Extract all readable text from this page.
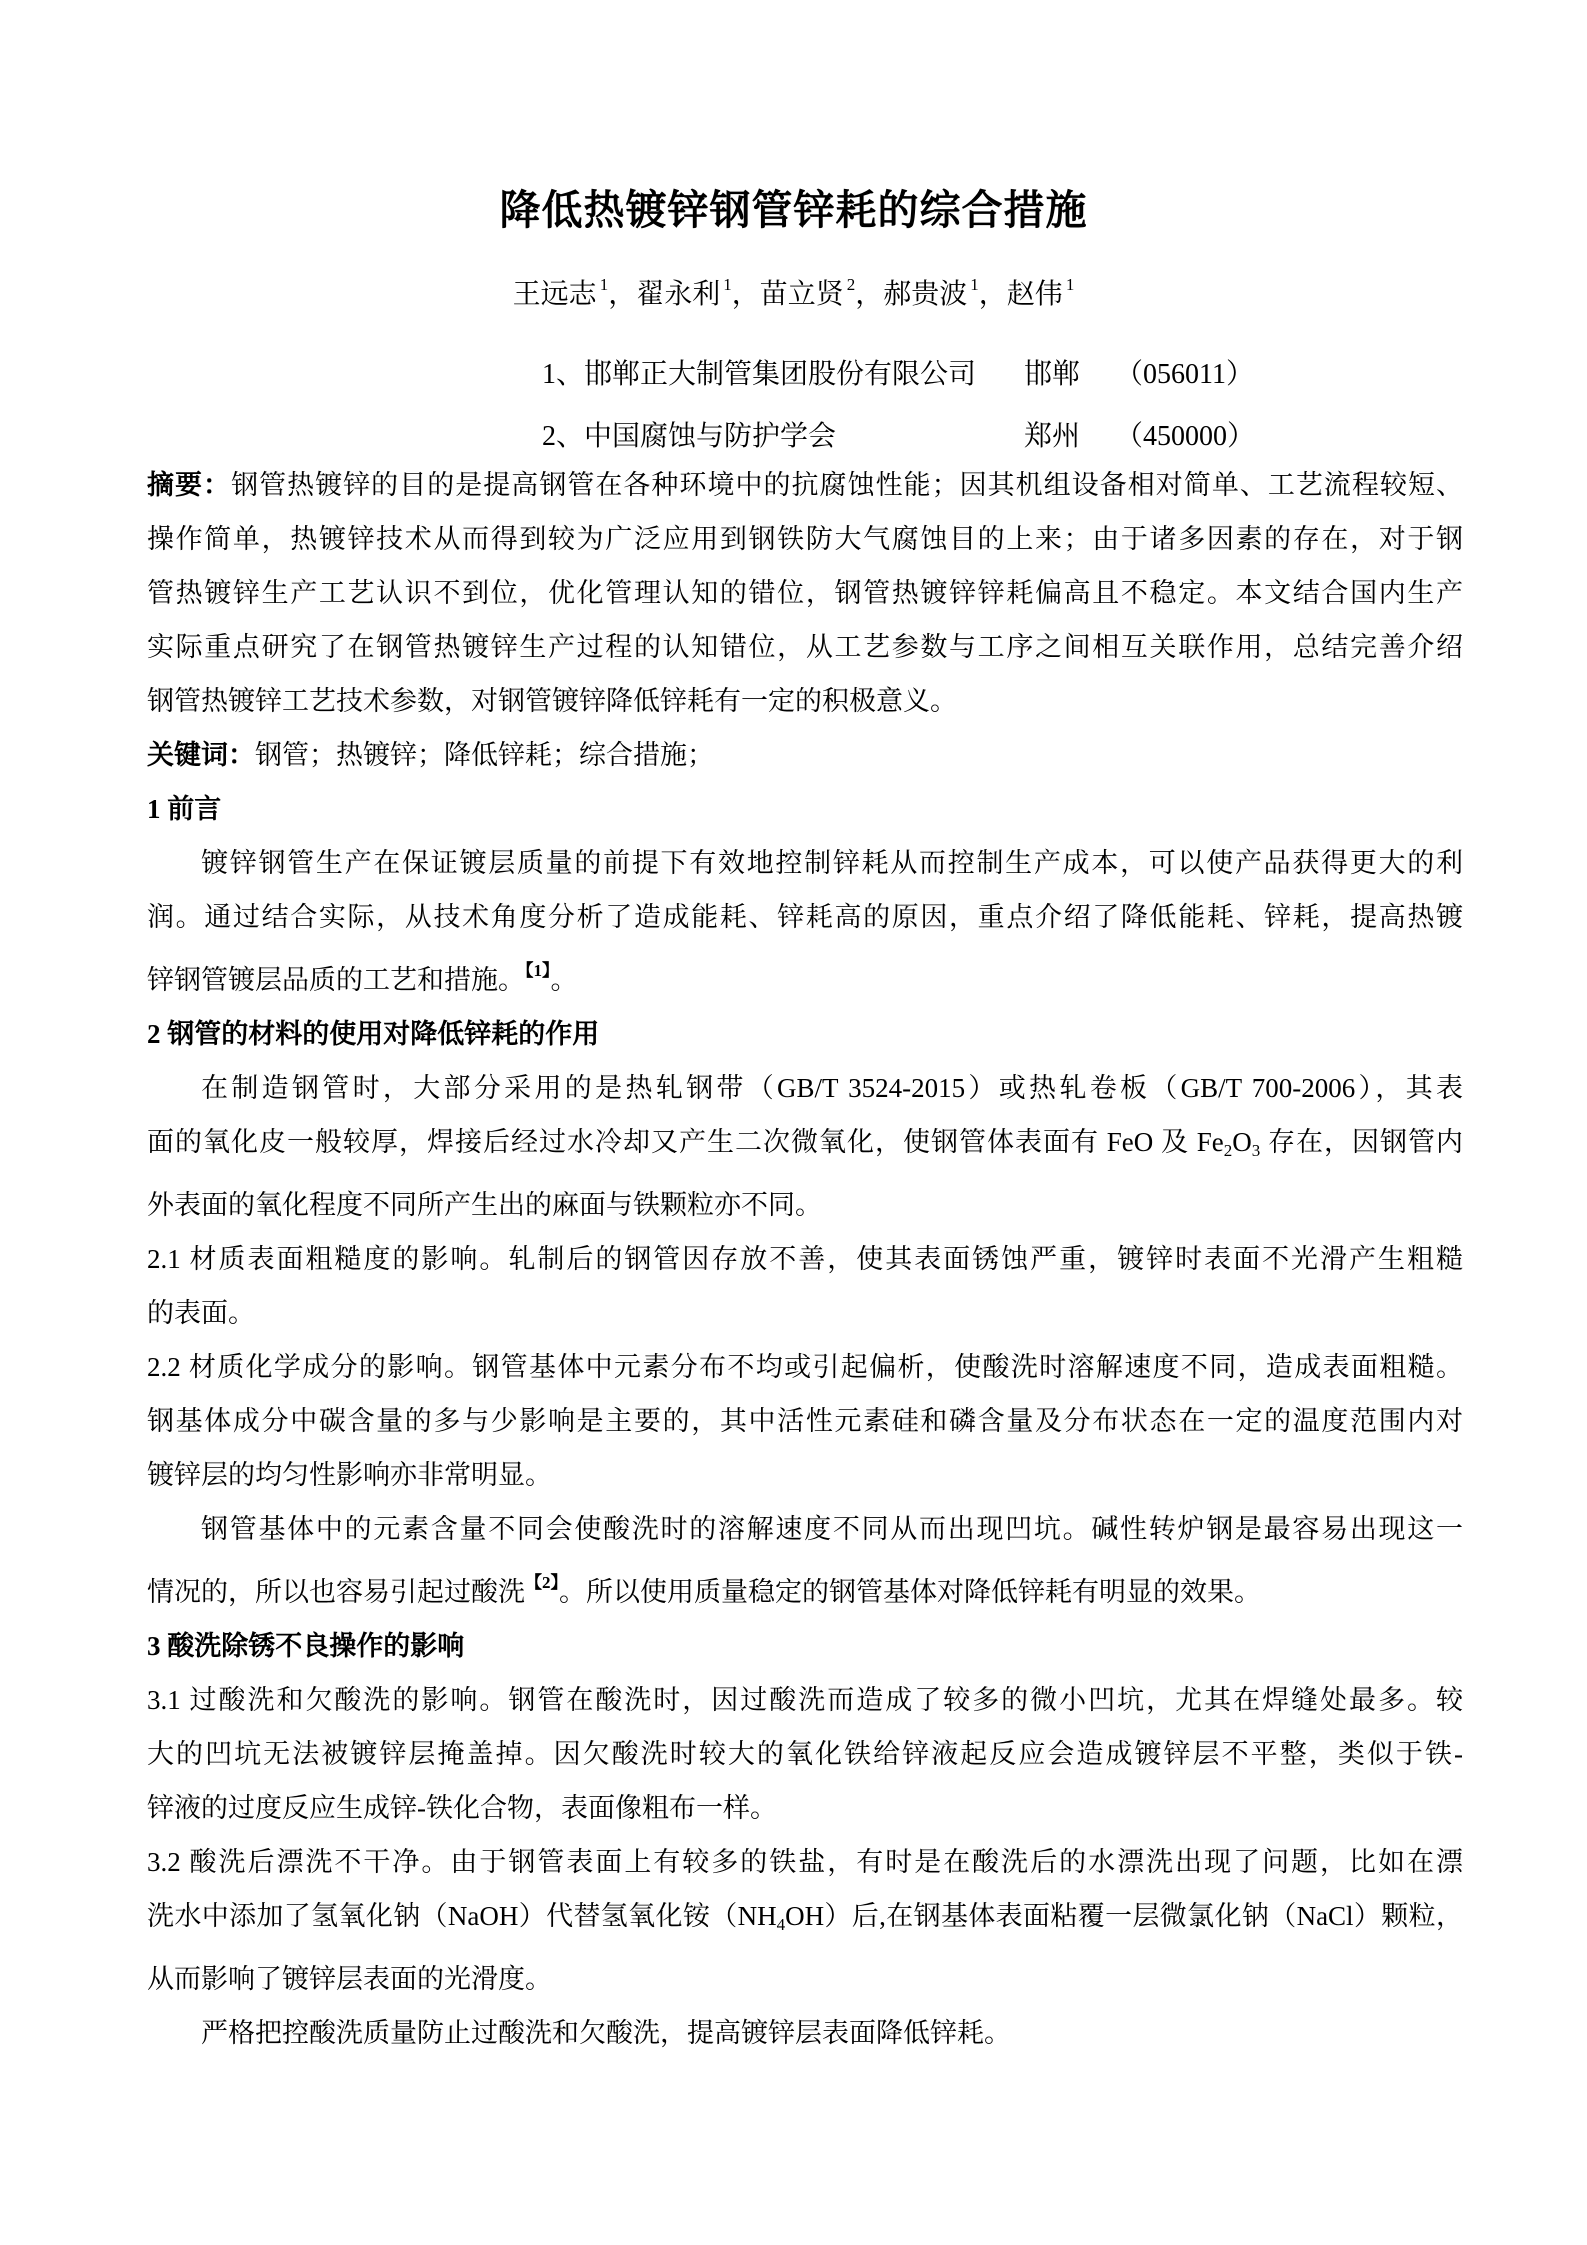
降低热镀锌钢管锌耗的综合措施
王远志 $^1$，翟永利 $^1$，苗立贤 $^2$，郝贵波 $^1$，赵伟 $^1$
1、邯郸正大制管集团股份有限公司 邯郸 （056011）
2、中国腐蚀与防护学会	郑州 （450000）
摘要：钢管热镀锌的目的是提高钢管在各种环境中的抗腐蚀性能；因其机组设备相对简单、工艺流程较短、
操作简单，热镀锌技术从而得到较为广泛应用到钢铁防大气腐蚀目的上来；由于诸多因素的存在，对于钢
管热镀锌生产工艺认识不到位，优化管理认知的错位，钢管热镀锌锌耗偏高且不稳定。本文结合国内生产
实际重点研究了在钢管热镀锌生产过程的认知错位，从工艺参数与工序之间相互关联作用，总结完善介绍
钢管热镀锌工艺技术参数，对钢管镀锌降低锌耗有一定的积极意义。
关键词：钢管；热镀锌；降低锌耗；综合措施；
1 前言
镀锌钢管生产在保证镀层质量的前提下有效地控制锌耗从而控制生产成本，可以使产品获得更大的利
润。通过结合实际，从技术角度分析了造成能耗、锌耗高的原因，重点介绍了降低能耗、锌耗，提高热镀
锌钢管镀层品质的工艺和措施。$^{【1】}$。
2 钢管的材料的使用对降低锌耗的作用
在制造钢管时，大部分采用的是热轧钢带（GB/T 3524-2015）或热轧卷板（GB/T 700-2006），其表
面的氧化皮一般较厚，焊接后经过水冷却又产生二次微氧化，使钢管体表面有 FeO 及 Fe2O3 存在，因钢管内
外表面的氧化程度不同所产生出的麻面与铁颗粒亦不同。
2.1 材质表面粗糙度的影响。轧制后的钢管因存放不善，使其表面锈蚀严重，镀锌时表面不光滑产生粗糙
的表面。
2.2 材质化学成分的影响。钢管基体中元素分布不均或引起偏析，使酸洗时溶解速度不同，造成表面粗糙。
钢基体成分中碳含量的多与少影响是主要的，其中活性元素硅和磷含量及分布状态在一定的温度范围内对
镀锌层的均匀性影响亦非常明显。
钢管基体中的元素含量不同会使酸洗时的溶解速度不同从而出现凹坑。碱性转炉钢是最容易出现这一
情况的，所以也容易引起过酸洗$^{【2】}$。所以使用质量稳定的钢管基体对降低锌耗有明显的效果。
3 酸洗除锈不良操作的影响
3.1 过酸洗和欠酸洗的影响。钢管在酸洗时，因过酸洗而造成了较多的微小凹坑，尤其在焊缝处最多。较
大的凹坑无法被镀锌层掩盖掉。因欠酸洗时较大的氧化铁给锌液起反应会造成镀锌层不平整，类似于铁-
锌液的过度反应生成锌-铁化合物，表面像粗布一样。
3.2 酸洗后漂洗不干净。由于钢管表面上有较多的铁盐，有时是在酸洗后的水漂洗出现了问题，比如在漂
洗水中添加了氢氧化钠（NaOH）代替氢氧化铵（NH4OH）后,在钢基体表面粘覆一层微氯化钠（NaCl）颗粒，
从而影响了镀锌层表面的光滑度。
严格把控酸洗质量防止过酸洗和欠酸洗，提高镀锌层表面降低锌耗。
